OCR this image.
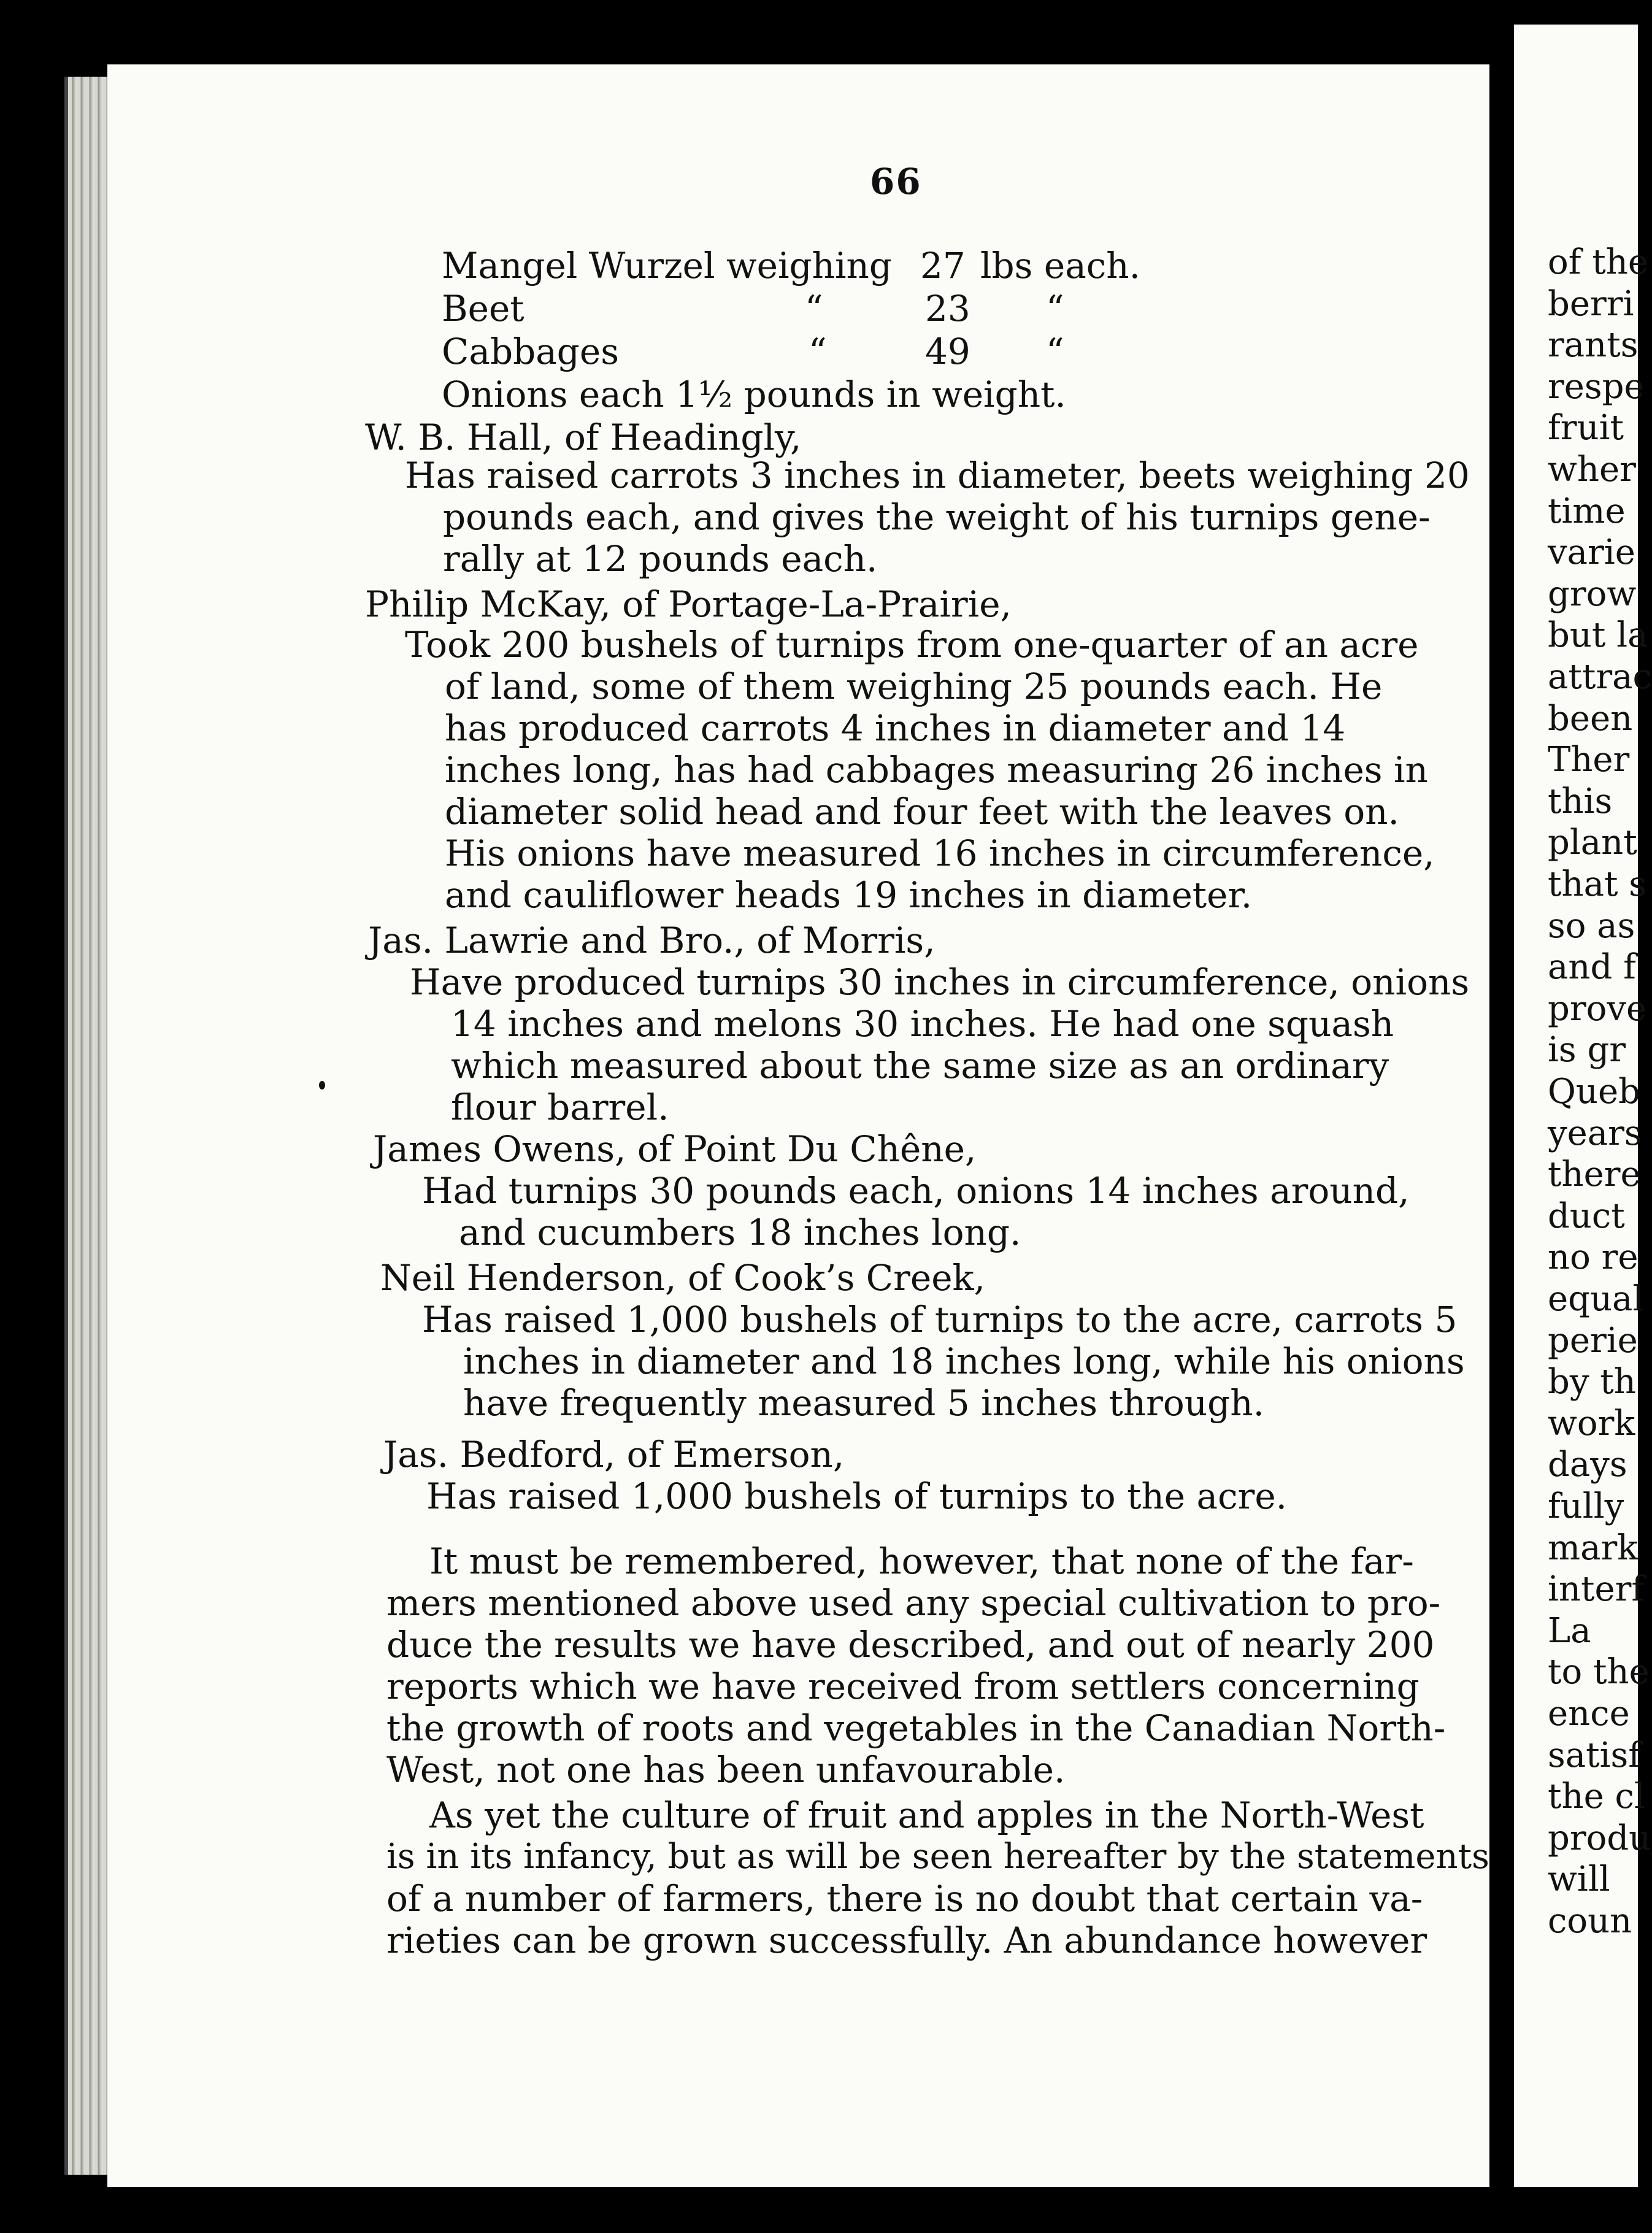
of the
berri
rants
respe
fruit
wher
time
varie
grow
but la
attrac
been
Ther
this
plant
that s
so as
and f
prove
is gr
Queb
years
there
duct
no re
equal
perie
by th
work
days
fully
mark
interf
La
to the
ence
satisf
the cl
produ
will
coun
66
Mangel Wurzel weighing 27 lbs each.
Beet	“	23 “
Cabbages	“	49 “
Onions each 1½ pounds in weight.
W. B. Hall, of Headingly,
Has raised carrots 3 inches in diameter, beets weighing 20
pounds each, and gives the weight of his turnips gene-
rally at 12 pounds each.
Philip McKay, of Portage-La-Prairie,
Took 200 bushels of turnips from one-quarter of an acre
of land, some of them weighing 25 pounds each. He
has produced carrots 4 inches in diameter and 14
inches long, has had cabbages measuring 26 inches in
diameter solid head and four feet with the leaves on.
His onions have measured 16 inches in circumference,
and cauliflower heads 19 inches in diameter.
Jas. Lawrie and Bro., of Morris,
Have produced turnips 30 inches in circumference, onions
14 inches and melons 30 inches. He had one squash
which measured about the same size as an ordinary
flour barrel.
James Owens, of Point Du Chêne,
Had turnips 30 pounds each, onions 14 inches around,
and cucumbers 18 inches long.
Neil Henderson, of Cook’s Creek,
Has raised 1,000 bushels of turnips to the acre, carrots 5
inches in diameter and 18 inches long, while his onions
have frequently measured 5 inches through.
Jas. Bedford, of Emerson,
Has raised 1,000 bushels of turnips to the acre.
It must be remembered, however, that none of the far-
mers mentioned above used any special cultivation to pro-
duce the results we have described, and out of nearly 200
reports which we have received from settlers concerning
the growth of roots and vegetables in the Canadian North-
West, not one has been unfavourable.
As yet the culture of fruit and apples in the North-West
is in its infancy, but as will be seen hereafter by the statements
of a number of farmers, there is no doubt that certain va-
rieties can be grown successfully. An abundance however
